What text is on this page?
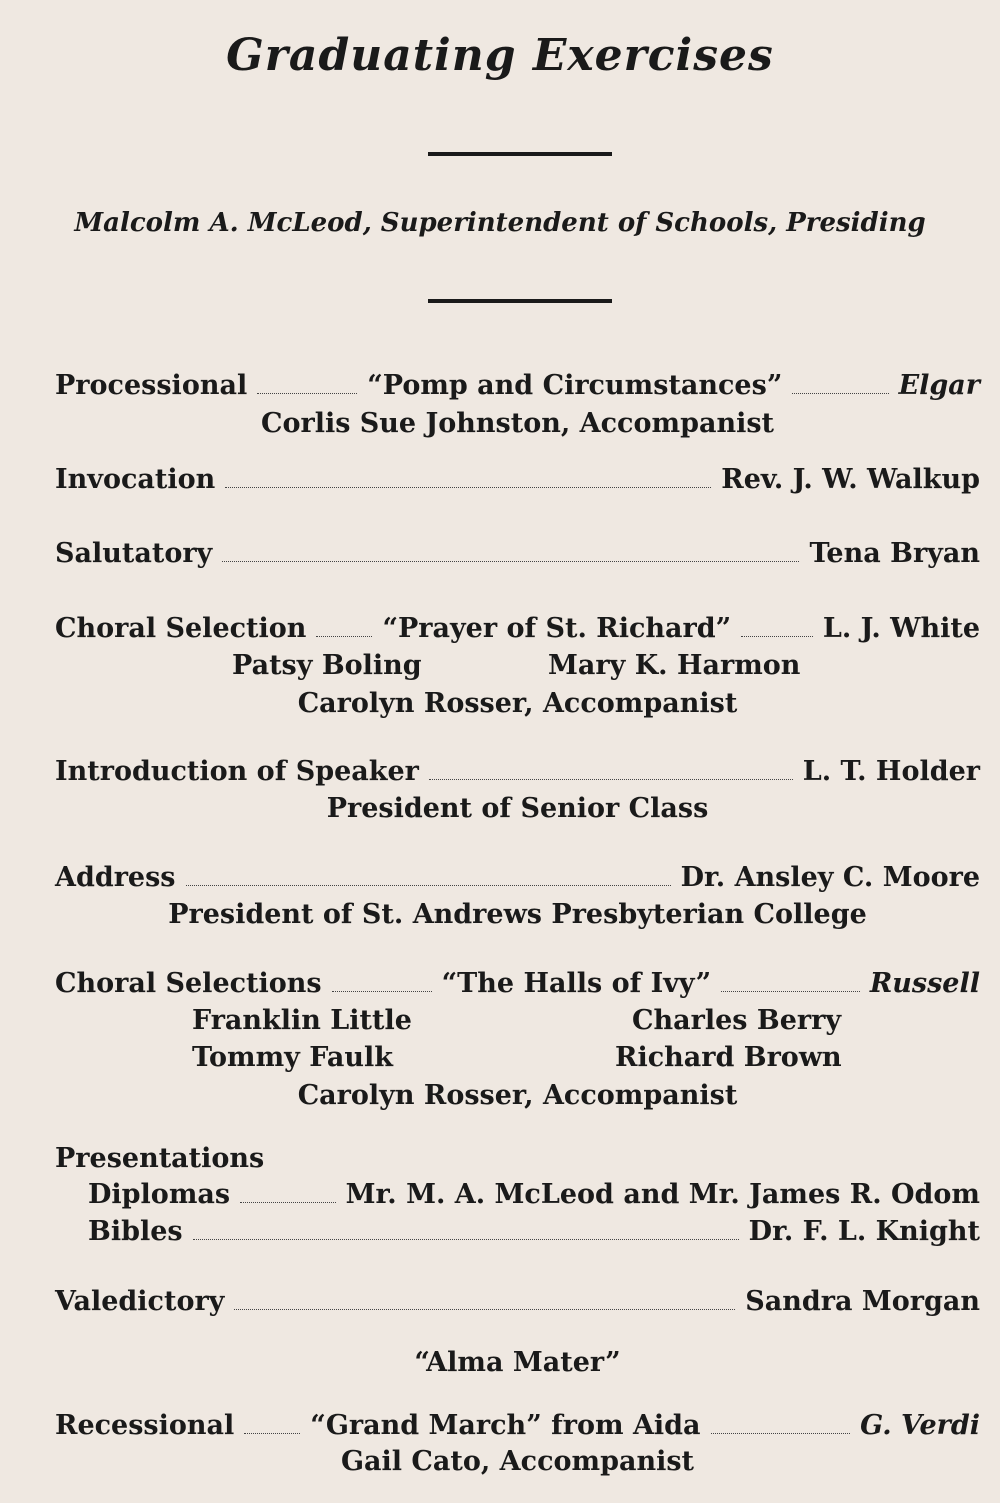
Graduating Exercises
Malcolm A. McLeod, Superintendent of Schools, Presiding
Processional	“Pomp and Circumstances”	Elgar
Corlis Sue Johnston, Accompanist
Invocation	Rev. J. W. Walkup
Salutatory	Tena Bryan
Choral Selection	“Prayer of St. Richard”	L. J. White
Patsy Boling	Mary K. Harmon
Carolyn Rosser, Accompanist
Introduction of Speaker	L. T. Holder
President of Senior Class
Address	Dr. Ansley C. Moore
President of St. Andrews Presbyterian College
Choral Selections	“The Halls of Ivy”	Russell
Franklin Little	Charles Berry
Tommy Faulk	Richard Brown
Carolyn Rosser, Accompanist
Presentations
Diplomas	Mr. M. A. McLeod and Mr. James R. Odom
Bibles	Dr. F. L. Knight
Valedictory	Sandra Morgan
“Alma Mater”
Recessional	“Grand March” from Aida	G. Verdi
Gail Cato, Accompanist
